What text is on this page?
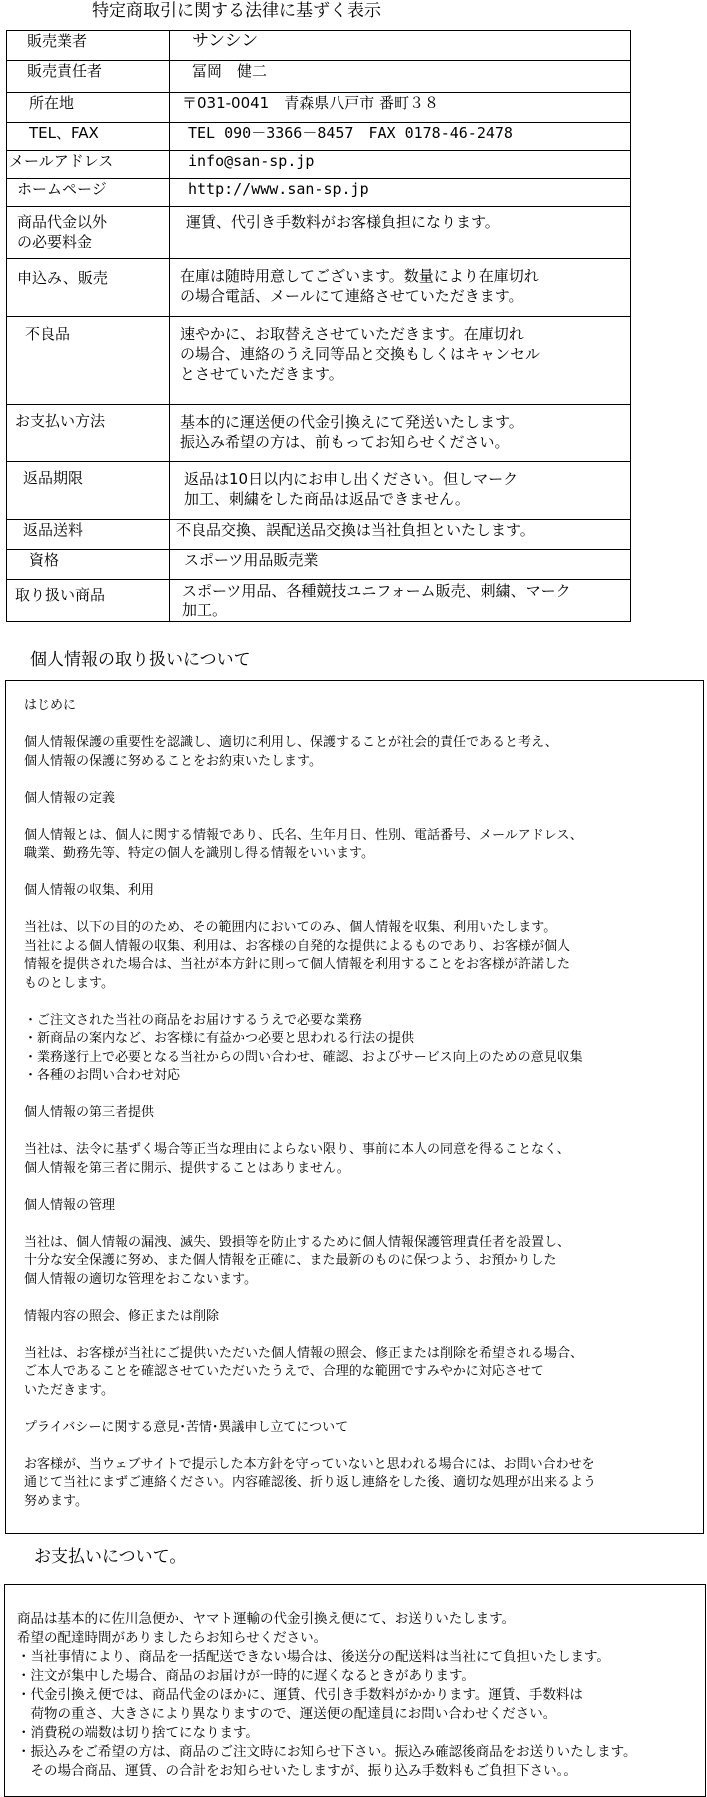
特定商取引に関する法律に基ずく表示
販売業者	サンシン
販売責任者	冨岡　健二
所在地	〒031-0041　青森県八戸市 番町３８
TEL、FAX	TEL 090－3366－8457　FAX 0178-46-2478
メールアドレス	info@san-sp.jp
ホームページ	http://www.san-sp.jp
商品代金以外
の必要料金	運賃、代引き手数料がお客様負担になります。
申込み、販売	在庫は随時用意してございます。数量により在庫切れ
の場合電話、メールにて連絡させていただきます。
不良品	速やかに、お取替えさせていただきます。在庫切れ
の場合、連絡のうえ同等品と交換もしくはキャンセル
とさせていただきます。
お支払い方法	基本的に運送便の代金引換えにて発送いたします。
振込み希望の方は、前もってお知らせください。
返品期限	返品は10日以内にお申し出ください。但しマーク
加工、刺繍をした商品は返品できません。
返品送料	不良品交換、誤配送品交換は当社負担といたします。
資格	スポーツ用品販売業
取り扱い商品	スポーツ用品、各種競技ユニフォーム販売、刺繍、マーク
加工。
個人情報の取り扱いについて

はじめに

個人情報保護の重要性を認識し、適切に利用し、保護することが社会的責任であると考え、
個人情報の保護に努めることをお約束いたします。

個人情報の定義

個人情報とは、個人に関する情報であり、氏名、生年月日、性別、電話番号、メールアドレス、
職業、勤務先等、特定の個人を識別し得る情報をいいます。

個人情報の収集、利用

当社は、以下の目的のため、その範囲内においてのみ、個人情報を収集、利用いたします。
当社による個人情報の収集、利用は、お客様の自発的な提供によるものであり、お客様が個人
情報を提供された場合は、当社が本方針に則って個人情報を利用することをお客様が許諾した
ものとします。

・ご注文された当社の商品をお届けするうえで必要な業務
・新商品の案内など、お客様に有益かつ必要と思われる行法の提供
・業務遂行上で必要となる当社からの問い合わせ、確認、およびサービス向上のための意見収集
・各種のお問い合わせ対応

個人情報の第三者提供

当社は、法令に基ずく場合等正当な理由によらない限り、事前に本人の同意を得ることなく、
個人情報を第三者に開示、提供することはありません。

個人情報の管理

当社は、個人情報の漏洩、滅失、毀損等を防止するために個人情報保護管理責任者を設置し、
十分な安全保護に努め、また個人情報を正確に、また最新のものに保つよう、お預かりした
個人情報の適切な管理をおこないます。

情報内容の照会、修正または削除

当社は、お客様が当社にご提供いただいた個人情報の照会、修正または削除を希望される場合、
ご本人であることを確認させていただいたうえで、合理的な範囲ですみやかに対応させて
いただきます。

プライバシーに関する意見･苦情･異議申し立てについて

お客様が、当ウェブサイトで提示した本方針を守っていないと思われる場合には、お問い合わせを
通じて当社にまずご連絡ください。内容確認後、折り返し連絡をした後、適切な処理が出来るよう
努めます。

お支払いについて。

商品は基本的に佐川急便か、ヤマト運輸の代金引換え便にて、お送りいたします。
希望の配達時間がありましたらお知らせください。
・当社事情により、商品を一括配送できない場合は、後送分の配送料は当社にて負担いたします。
・注文が集中した場合、商品のお届けが一時的に遅くなるときがあります。
・代金引換え便では、商品代金のほかに、運賃、代引き手数料がかかります。運賃、手数料は
　荷物の重さ、大きさにより異なりますので、運送便の配達員にお問い合わせください。
・消費税の端数は切り捨てになります。
・振込みをご希望の方は、商品のご注文時にお知らせ下さい。振込み確認後商品をお送りいたします。
　その場合商品、運賃、の合計をお知らせいたしますが、振り込み手数料もご負担下さい。。
